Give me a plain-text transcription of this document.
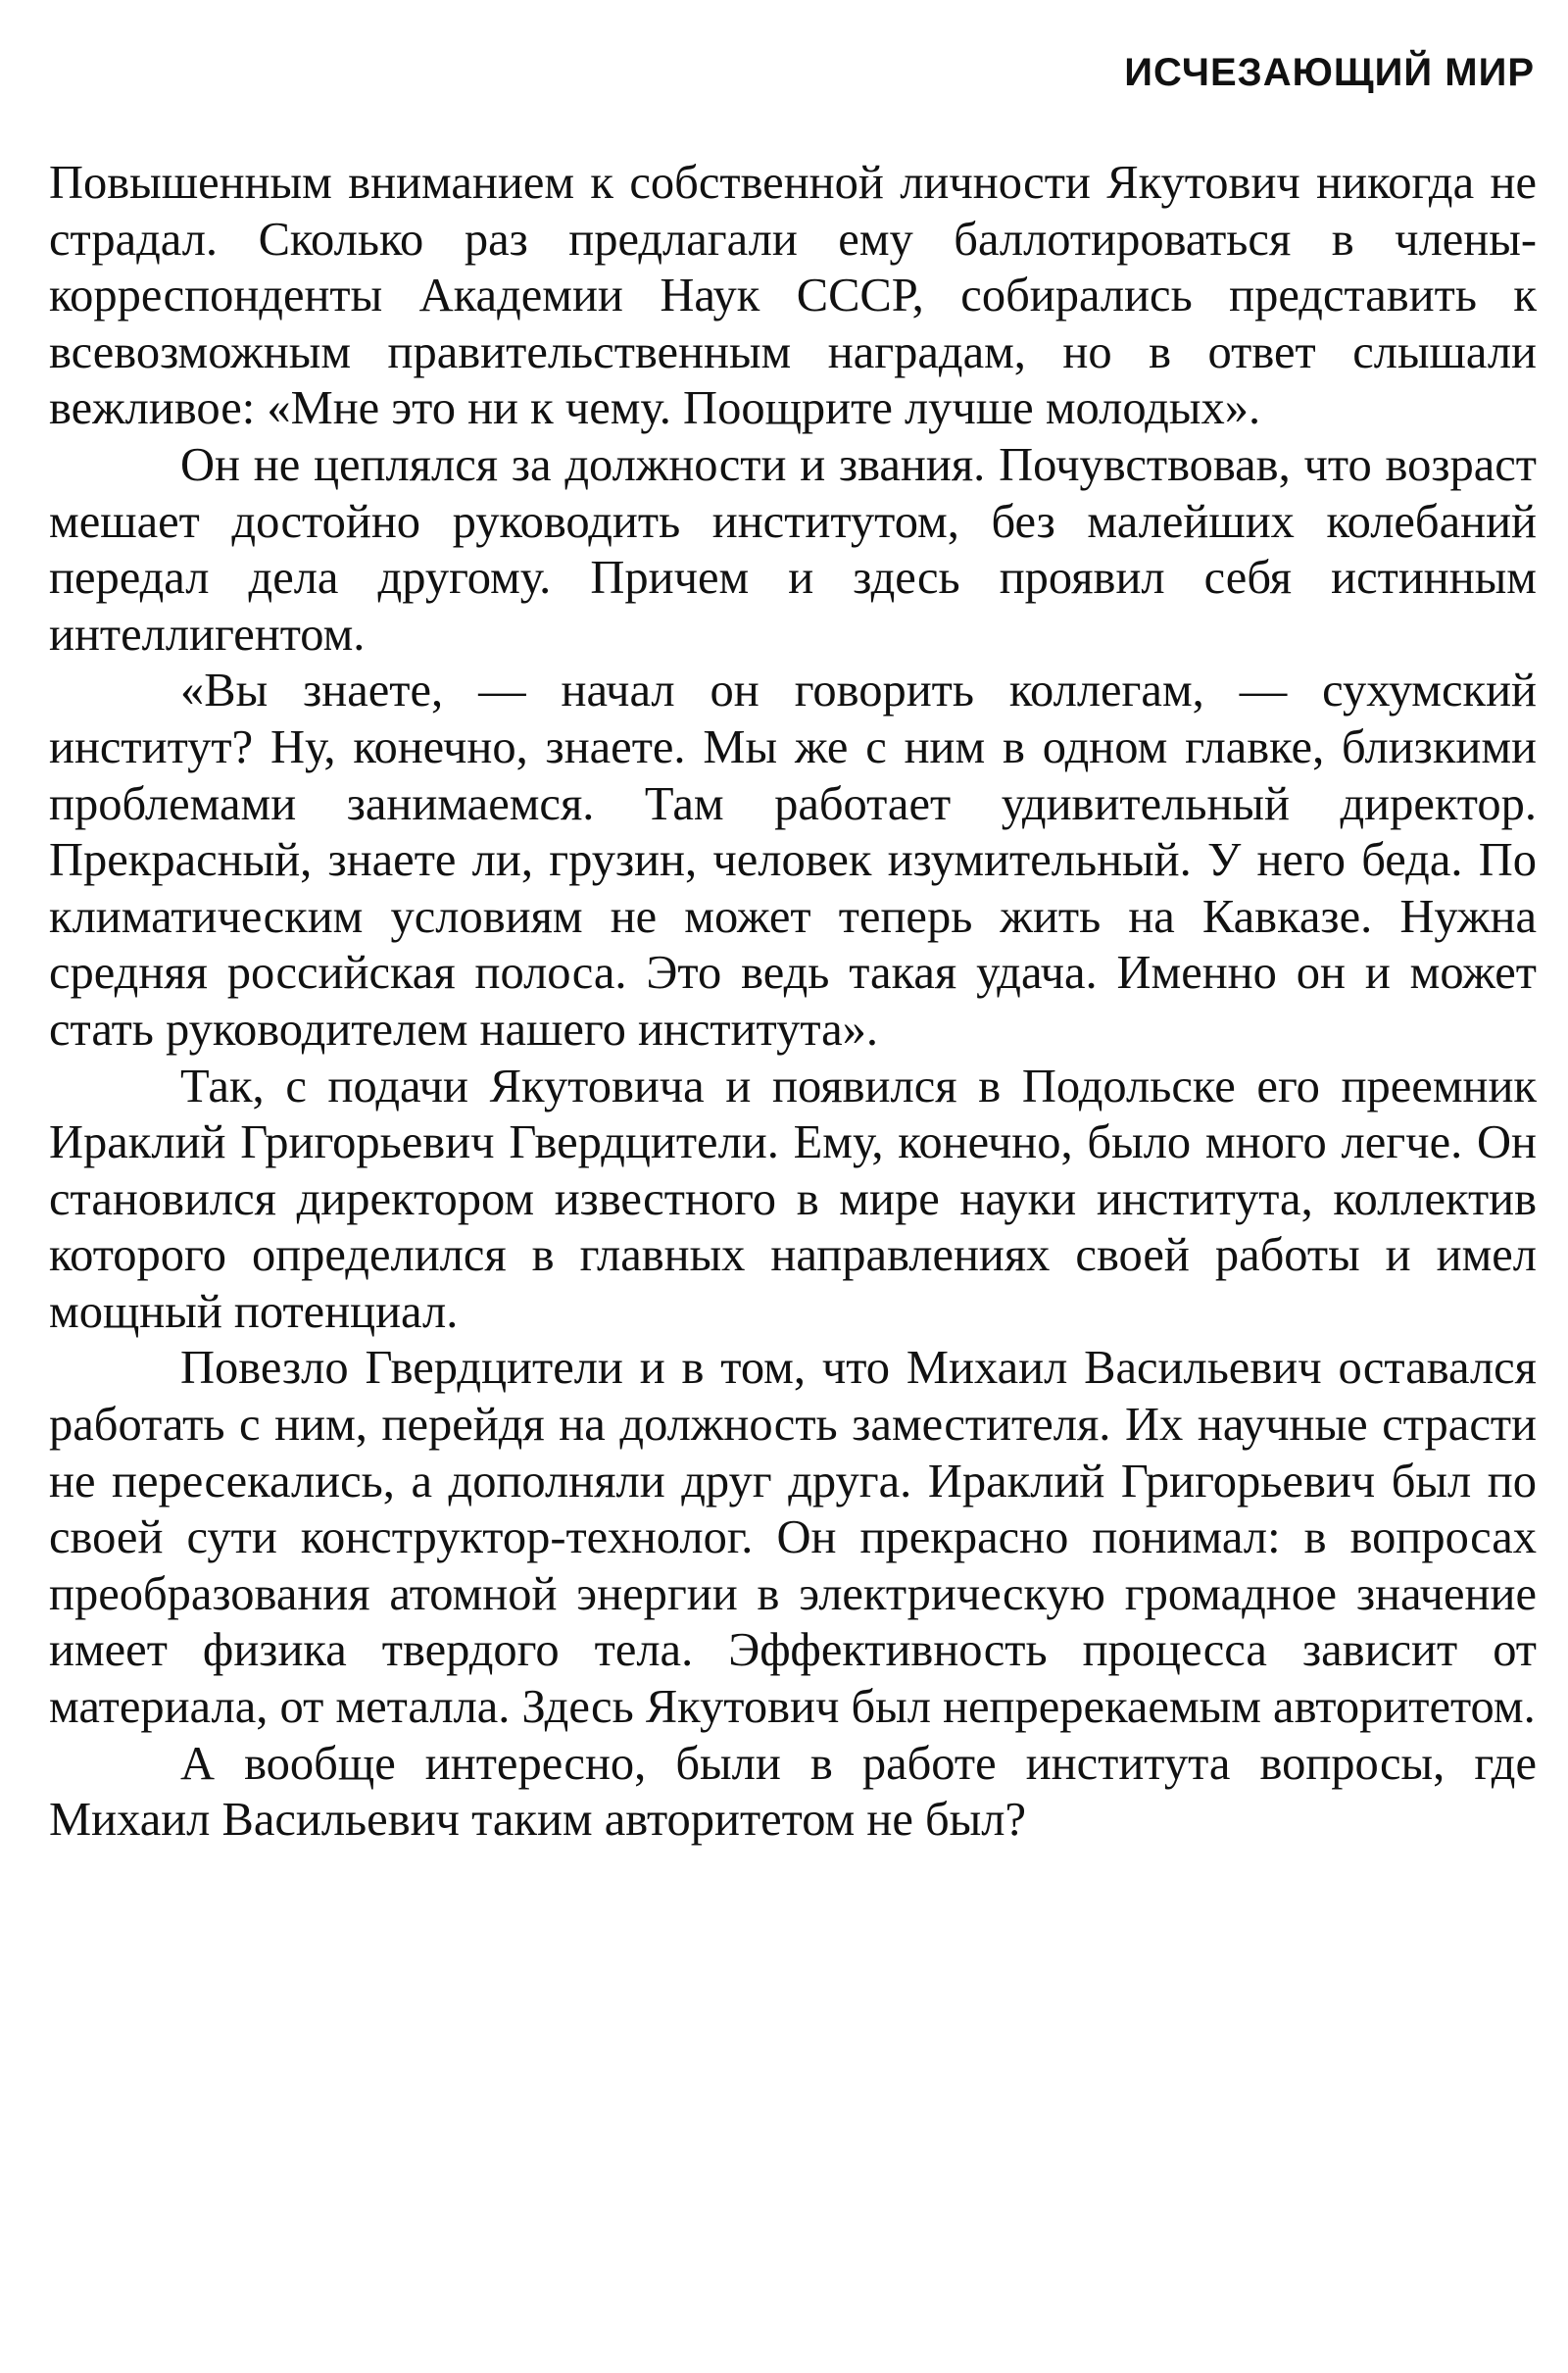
ИСЧЕЗАЮЩИЙ МИР

Повышенным вниманием к собственной личности Якутович никогда не страдал. Сколько раз предлагали ему баллотироваться в члены-корреспонденты Академии Наук СССР, собирались представить к всевозможным правительственным наградам, но в ответ слышали вежливое: «Мне это ни к чему. Поощрите лучше молодых».

Он не цеплялся за должности и звания. Почувствовав, что возраст мешает достойно руководить институтом, без малейших колебаний передал дела другому. Причем и здесь проявил себя истинным интеллигентом.

«Вы знаете, — начал он говорить коллегам, — сухумский институт? Ну, конечно, знаете. Мы же с ним в одном главке, близкими проблемами занимаемся. Там работает удивительный директор. Прекрасный, знаете ли, грузин, человек изумительный. У него беда. По климатическим условиям не может теперь жить на Кавказе. Нужна средняя российская полоса. Это ведь такая удача. Именно он и может стать руководителем нашего института».

Так, с подачи Якутовича и появился в Подольске его преемник Ираклий Григорьевич Гвердцители. Ему, конечно, было много легче. Он становился директором известного в мире науки института, коллектив которого определился в главных направлениях своей работы и имел мощный потенциал.

Повезло Гвердцители и в том, что Михаил Васильевич оставался работать с ним, перейдя на должность заместителя. Их научные страсти не пересекались, а дополняли друг друга. Ираклий Григорьевич был по своей сути конструктор-технолог. Он прекрасно понимал: в вопросах преобразования атомной энергии в электрическую громадное значение имеет физика твердого тела. Эффективность процесса зависит от материала, от металла. Здесь Якутович был непререкаемым авторитетом.

А вообще интересно, были в работе института вопросы, где Михаил Васильевич таким авторитетом не был?
